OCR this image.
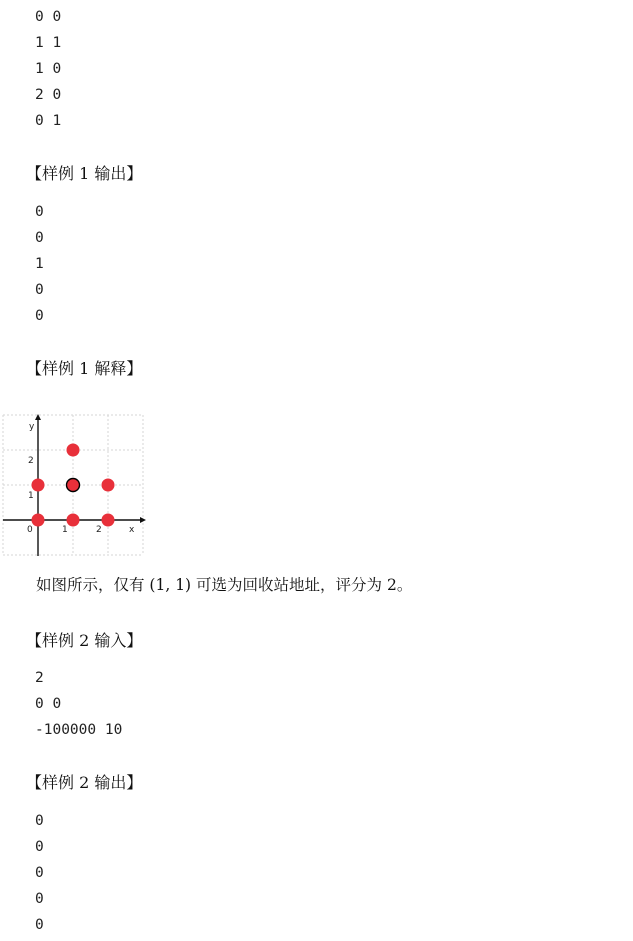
0 0
1 1
1 0
2 0
0 1
【样例 1 输出】
0
0
1
0
0
【样例 1 解释】
y
2
1
0	1	2	x
如图所示，仅有 (1, 1) 可选为回收站地址，评分为 2。
【样例 2 输入】
2
0 0
-100000 10
【样例 2 输出】
0
0
0
0
0
